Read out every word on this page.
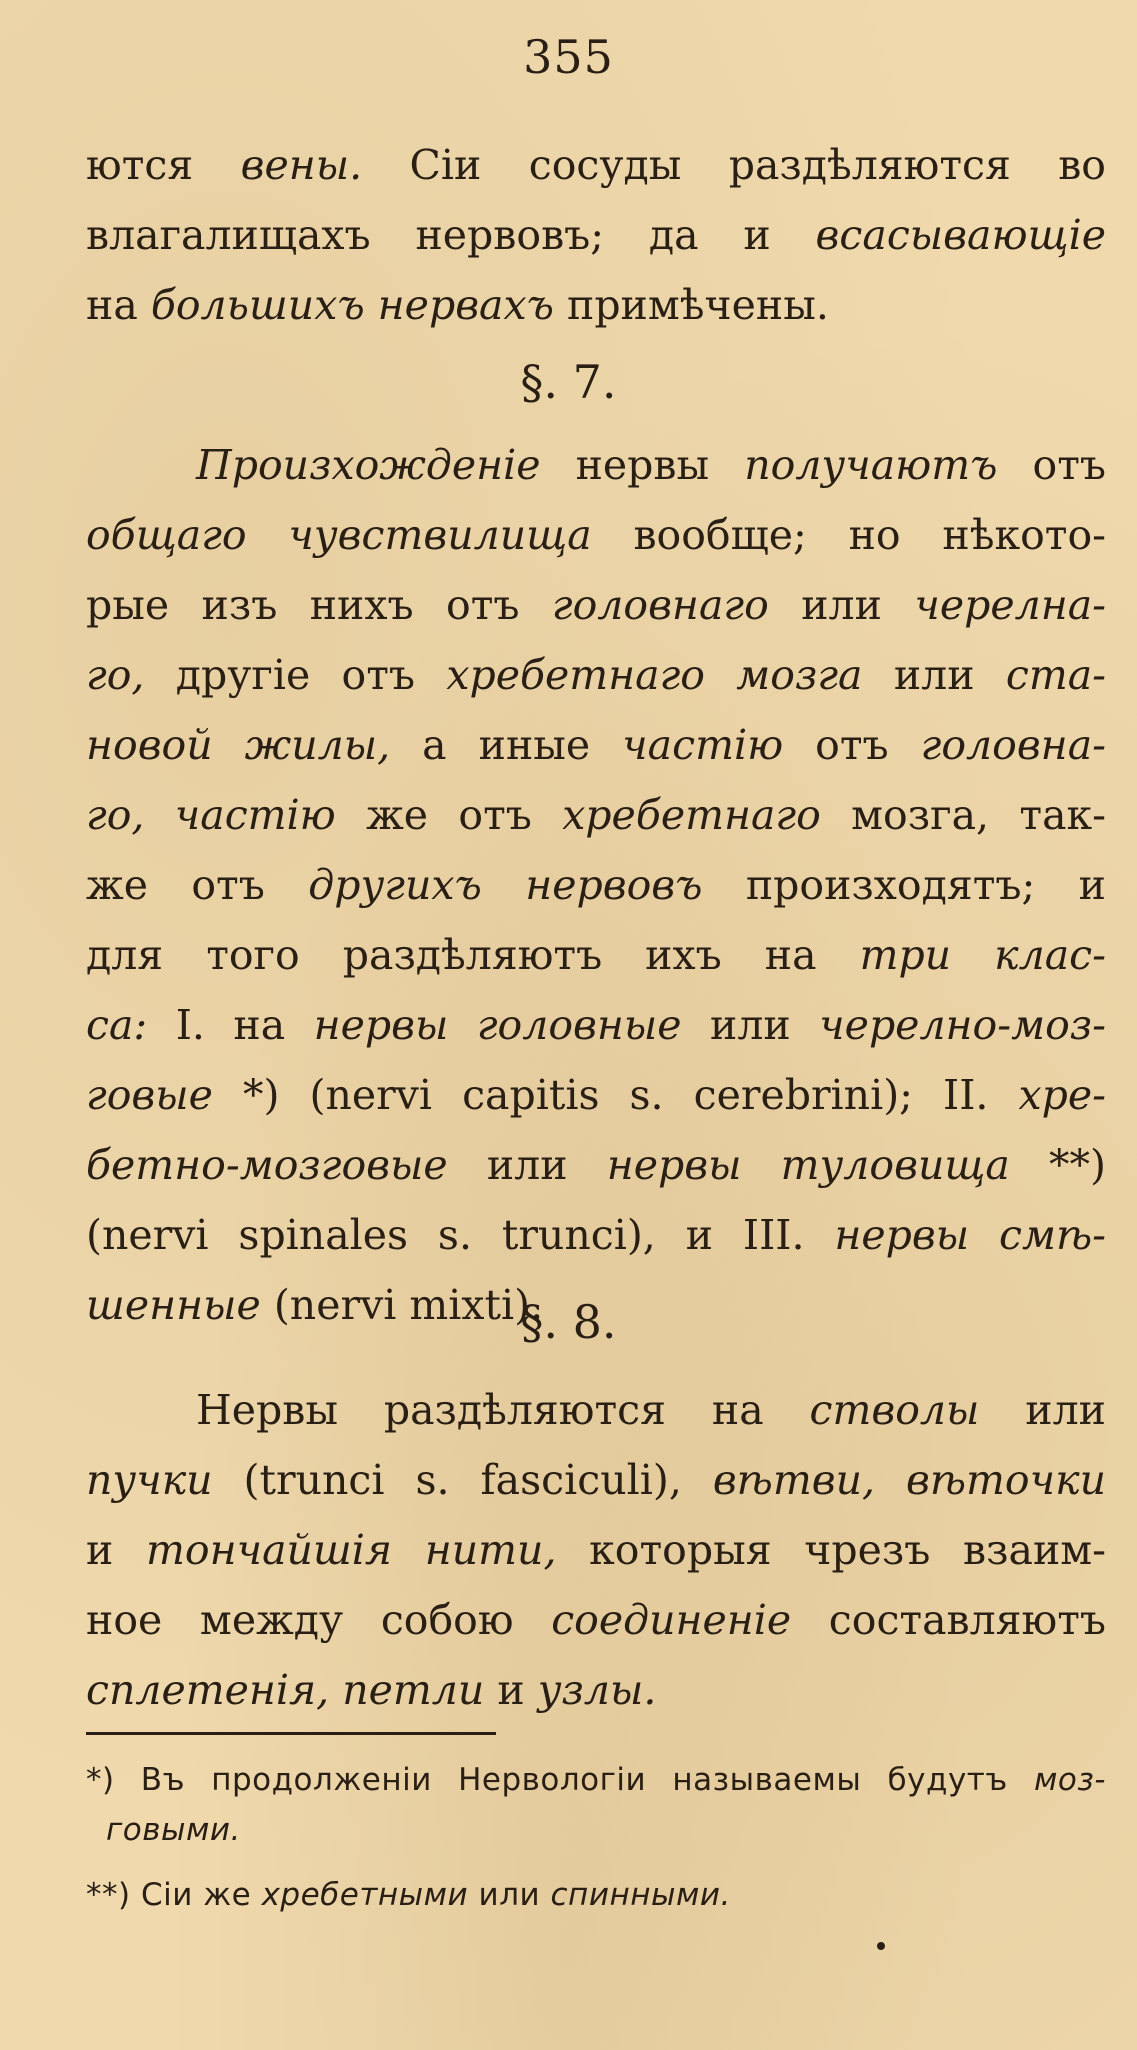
355
ются вены. Сiи сосуды раздѣляются во
влагалищахъ нервовъ; да и всасывающiе
на большихъ нервахъ примѣчены.
§. 7.
Произхожденiе нервы получаютъ отъ
общаго чувствилища вообще; но нѣкото-
рые изъ нихъ отъ головнаго или черелна-
го, другiе отъ хребетнаго мозга или ста-
новой жилы, а иные частiю отъ головна-
го, частiю же отъ хребетнаго мозга, так-
же отъ другихъ нервовъ произходятъ; и
для того раздѣляютъ ихъ на три клас-
са: I. на нервы головные или черелно-моз-
говые *) (nervi capitis s. cerebrini); II. хре-
бетно-мозговые или нервы туловища **)
(nervi spinales s. trunci), и III. нервы смѣ-
шенные (nervi mixti).
§. 8.
Нервы раздѣляются на стволы или
пучки (trunci s. fasciculi), вѣтви, вѣточки
и тончайшiя нити, которыя чрезъ взаим-
ное между собою соединенiе составляютъ
сплетенiя, петли и узлы.
*) Въ продолженiи Нервологiи называемы будутъ моз-
говыми.
**) Сiи же хребетными или спинными.
